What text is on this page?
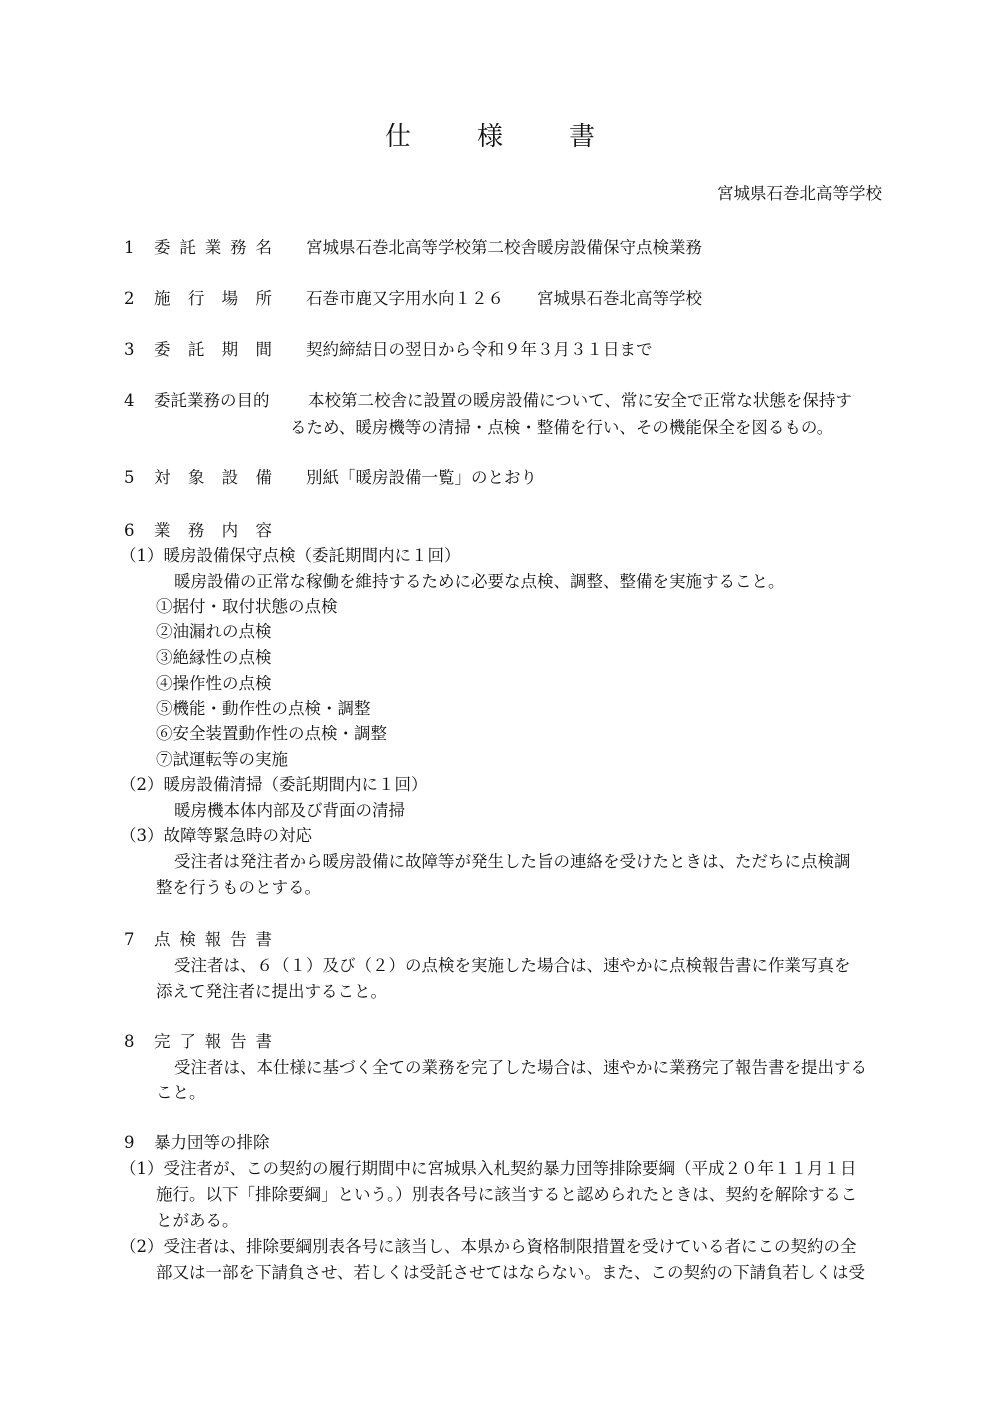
仕　様　書
宮城県石巻北高等学校
1 委託業務名 宮城県石巻北高等学校第二校舎暖房設備保守点検業務
2 施行場所 石巻市鹿又字用水向１２６　　宮城県石巻北高等学校
3 委託期間 契約締結日の翌日から令和９年３月３１日まで
4 委託業務の目的 本校第二校舎に設置の暖房設備について、常に安全で正常な状態を保持す
るため、暖房機等の清掃・点検・整備を行い、その機能保全を図るもの。
5 対象設備 別紙「暖房設備一覧」のとおり
6 業務内容
（1）暖房設備保守点検（委託期間内に１回）
暖房設備の正常な稼働を維持するために必要な点検、調整、整備を実施すること。
①据付・取付状態の点検
②油漏れの点検
③絶縁性の点検
④操作性の点検
⑤機能・動作性の点検・調整
⑥安全装置動作性の点検・調整
⑦試運転等の実施
（2）暖房設備清掃（委託期間内に１回）
暖房機本体内部及び背面の清掃
（3）故障等緊急時の対応
受注者は発注者から暖房設備に故障等が発生した旨の連絡を受けたときは、ただちに点検調
整を行うものとする。
7 点検報告書
受注者は、６（１）及び（２）の点検を実施した場合は、速やかに点検報告書に作業写真を
添えて発注者に提出すること。
8 完了報告書
受注者は、本仕様に基づく全ての業務を完了した場合は、速やかに業務完了報告書を提出する
こと。
9 暴力団等の排除
（1）受注者が、この契約の履行期間中に宮城県入札契約暴力団等排除要綱（平成２０年１１月１日
施行。以下「排除要綱」という。）別表各号に該当すると認められたときは、契約を解除するこ
とがある。
（2）受注者は、排除要綱別表各号に該当し、本県から資格制限措置を受けている者にこの契約の全
部又は一部を下請負させ、若しくは受託させてはならない。また、この契約の下請負若しくは受
